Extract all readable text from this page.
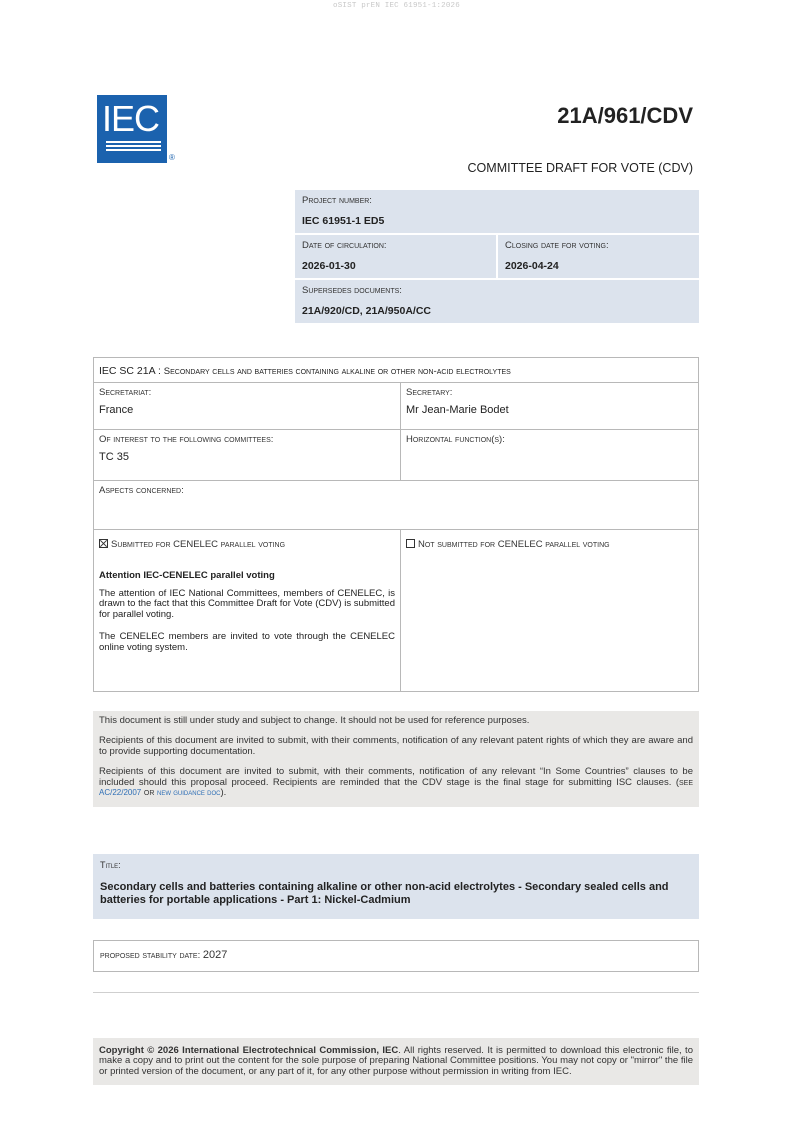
oSIST prEN IEC 61951-1:2026
IEC
®
21A/961/CDV
COMMITTEE DRAFT FOR VOTE (CDV)
Project number:
IEC 61951-1 ED5
Date of circulation:
2026-01-30
Closing date for voting:
2026-04-24
Supersedes documents:
21A/920/CD, 21A/950A/CC
IEC SC 21A : Secondary cells and batteries containing alkaline or other non-acid electrolytes
Secretariat:
France
Secretary:
Mr Jean-Marie Bodet
Of interest to the following committees:
TC 35
Horizontal function(s):
Aspects concerned:
Submitted for CENELEC parallel voting
Attention IEC-CENELEC parallel voting
The attention of IEC National Committees, members of CENELEC, is drawn to the fact that this Committee Draft for Vote (CDV) is submitted for parallel voting.
The CENELEC members are invited to vote through the CENELEC online voting system.
Not submitted for CENELEC parallel voting

This document is still under study and subject to change. It should not be used for reference purposes.

Recipients of this document are invited to submit, with their comments, notification of any relevant patent rights of which they are aware and to provide supporting documentation.

Recipients of this document are invited to submit, with their comments, notification of any relevant “In Some Countries” clauses to be included should this proposal proceed. Recipients are reminded that the CDV stage is the final stage for submitting ISC clauses. (see AC/22/2007 or new guidance doc).

Title:
Secondary cells and batteries containing alkaline or other non-acid electrolytes - Secondary sealed cells and batteries for portable applications - Part 1: Nickel-Cadmium
proposed stability date: 2027
Copyright © 2026 International Electrotechnical Commission, IEC. All rights reserved. It is permitted to download this electronic file, to make a copy and to print out the content for the sole purpose of preparing National Committee positions. You may not copy or "mirror" the file or printed version of the document, or any part of it, for any other purpose without permission in writing from IEC.
